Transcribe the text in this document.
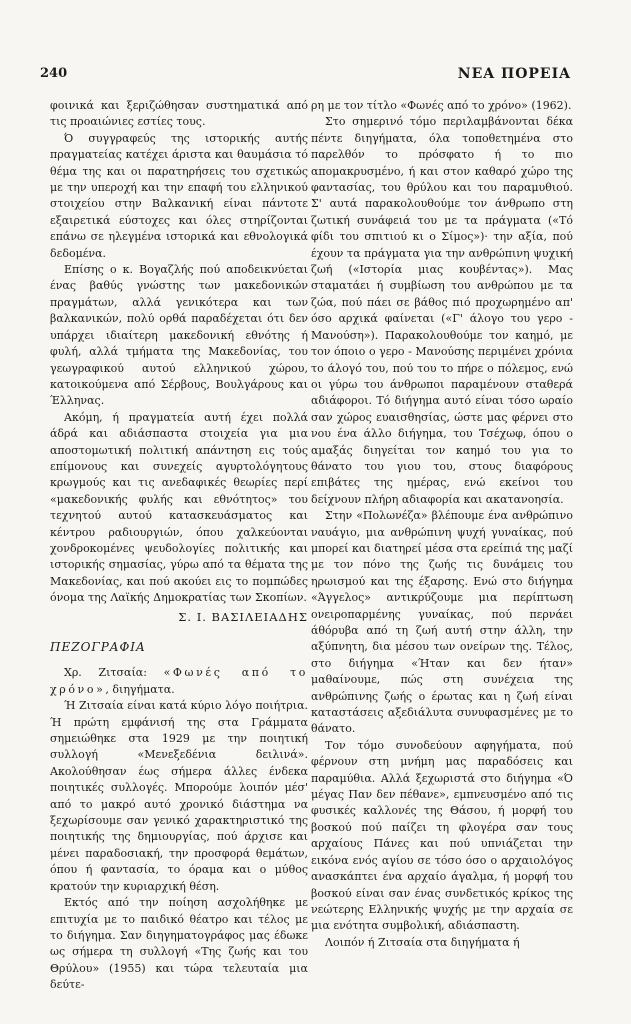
240	ΝΕΑ ΠΟΡΕΙΑ

φοινικά και ξεριζώθησαν συστηματικά από τις προαιώνιες εστίες τους.

Ό συγγραφεύς της ιστορικής αυτής πραγματείας κατέχει άριστα και θαυμάσια τό θέμα της και οι παρατηρήσεις του σχετικώς με την υπεροχή και την επαφή του ελληνικού στοιχείου στην Βαλκανική είναι πάντοτε εξαιρετικά εύστοχες και όλες στηρίζονται επάνω σε ηλεγμένα ιστορικά και εθνολογικά δεδομένα.

Επίσης ο κ. Βογαζλής πού αποδεικνύεται ένας βαθύς γνώστης των μακεδονικών πραγμάτων, αλλά γενικότερα και των βαλκανικών, πολύ ορθά παραδέχεται ότι δεν υπάρχει ιδιαίτερη μακεδονική εθνότης ή φυλή, αλλά τμήματα της Μακεδονίας, του γεωγραφικού αυτού ελληνικού χώρου, κατοικούμενα από Σέρβους, Βουλγάρους και Έλληνας.

Ακόμη, ή πραγματεία αυτή έχει πολλά άδρά και αδιάσπαστα στοιχεία για μια αποστομωτική πολιτική απάντηση εις τούς επίμονους και συνεχείς αγυρτολόγητους κρωγμούς και τις ανεδαφικές θεωρίες περί «μακεδονικής φυλής και εθνότητος» του τεχνητού αυτού κατασκευάσματος και κέντρου ραδιουργιών, όπου χαλκεύονται χονδροκομένες ψευδολογίες πολιτικής και ιστορικής σημασίας, γύρω από τα θέματα της Μακεδονίας, και πού ακούει εις το πομπώδες όνομα της Λαϊκής Δημοκρατίας των Σκοπίων.

Σ. Ι. ΒΑΣΙΛΕΙΑΔΗΣ
ΠΕΖΟΓΡΑΦΙΑ

Χρ. Ζιτσαία: «Φωνές από το χρόνο», διηγήματα.

Ή Ζιτσαία είναι κατά κύριο λόγο ποιήτρια. Ή πρώτη εμφάνισή της στα Γράμματα σημειώθηκε στα 1929 με την ποιητική συλλογή «Μενεξεδένια δειλινά». Ακολούθησαν έως σήμερα άλλες ένδεκα ποιητικές συλλογές. Μπορούμε λοιπόν μέσ' από το μακρό αυτό χρονικό διάστημα να ξεχωρίσουμε σαν γενικό χαρακτηριστικό της ποιητικής της δημιουργίας, πού άρχισε και μένει παραδοσιακή, την προσφορά θεμάτων, όπου ή φαντασία, το όραμα και ο μύθος κρατούν την κυριαρχική θέση.

Εκτός από την ποίηση ασχολήθηκε με επιτυχία με το παιδικό θέατρο και τέλος με το διήγημα. Σαν διηγηματογράφος μας έδωκε ως σήμερα τη συλλογή «Της ζωής και του Θρύλου» (1955) και τώρα τελευταία μια δεύτε-

ρη με τον τίτλο «Φωνές από το χρόνο» (1962).

Στο σημερινό τόμο περιλαμβάνονται δέκα πέντε διηγήματα, όλα τοποθετημένα στο παρελθόν το πρόσφατο ή το πιο απομακρυσμένο, ή και στον καθαρό χώρο της φαντασίας, του θρύλου και του παραμυθιού. Σ' αυτά παρακολουθούμε τον άνθρωπο στη ζωτική συνάφειά του με τα πράγματα («Τό φίδι του σπιτιού κι ο Σίμος»)· την αξία, πού έχουν τα πράγματα για την ανθρώπινη ψυχική ζωή («Ιστορία μιας κουβέντας»). Μας σταματάει ή συμβίωση του ανθρώπου με τα ζώα, πού πάει σε βάθος πιό προχωρημένο απ' όσο αρχικά φαίνεται («Γ' άλογο του γερο - Μανούση»). Παρακολουθούμε τον καημό, με τον όποιο ο γερο - Μανούσης περιμένει χρόνια το άλογό του, πού του το πήρε ο πόλεμος, ενώ οι γύρω του άνθρωποι παραμένουν σταθερά αδιάφοροι. Τό διήγημα αυτό είναι τόσο ωραίο σαν χώρος ευαισθησίας, ώστε μας φέρνει στο νου ένα άλλο διήγημα, του Τσέχωφ, όπου ο αμαξάς διηγείται τον καημό του για το θάνατο του γιου του, στους διαφόρους επιβάτες της ημέρας, ενώ εκείνοι του δείχνουν πλήρη αδιαφορία και ακατανοησία.

Στην «Πολωνέζα» βλέπουμε ένα ανθρώπινο ναυάγιο, μια ανθρώπινη ψυχή γυναίκας, πού μπορεί και διατηρεί μέσα στα ερείπιά της μαζί με τον πόνο της ζωής τις δυνάμεις του ηρωισμού και της έξαρσης. Ενώ στο διήγημα «Άγγελος» αντικρύζουμε μια περίπτωση ονειροπαρμένης γυναίκας, πού περνάει άθόρυβα από τη ζωή αυτή στην άλλη, την αξύπνητη, δια μέσου των ονείρων της. Τέλος, στο διήγημα «Ήταν και δεν ήταν» μαθαίνουμε, πώς στη συνέχεια της ανθρώπινης ζωής ο έρωτας και η ζωή είναι καταστάσεις αξεδιάλυτα συνυφασμένες με το θάνατο.

Τον τόμο συνοδεύουν αφηγήματα, πού φέρνουν στη μνήμη μας παραδόσεις και παραμύθια. Αλλά ξεχωριστά στο διήγημα «Ό μέγας Παν δεν πέθανε», εμπνευσμένο από τις φυσικές καλλονές της Θάσου, ή μορφή του βοσκού πού παίζει τη φλογέρα σαν τους αρχαίους Πάνες και πού υπνιάζεται την εικόνα ενός αγίου σε τόσο όσο ο αρχαιολόγος ανασκάπτει ένα αρχαίο άγαλμα, ή μορφή του βοσκού είναι σαν ένας συνδετικός κρίκος της νεώτερης Ελληνικής ψυχής με την αρχαία σε μια ενότητα συμβολική, αδιάσπαστη.

Λοιπόν ή Ζιτσαία στα διηγήματα ή
